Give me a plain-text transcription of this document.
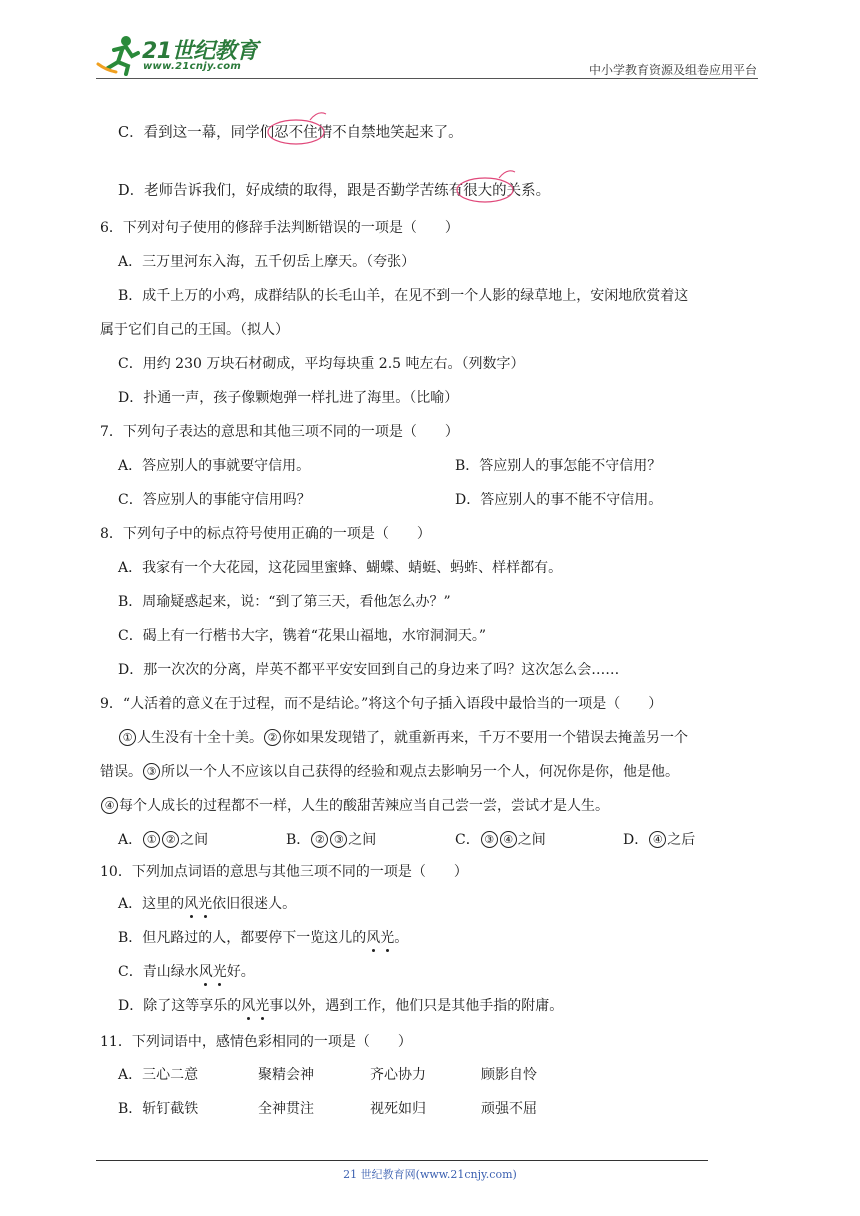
21世纪教育
www.21cnjy.com	中小学教育资源及组卷应用平台
C．看到这一幕，同学们忍不住
情不自禁地笑起来了。
D．老师告诉我们，好成绩的取得，跟是否勤学苦练有很大的
关系。
6．下列对句子使用的修辞手法判断错误的一项是（　　）
A．三万里河东入海，五千仞岳上摩天。（夸张）
B．成千上万的小鸡，成群结队的长毛山羊，在见不到一个人影的绿草地上，安闲地欣赏着这
属于它们自己的王国。（拟人）
C．用约 230 万块石材砌成，平均每块重 2.5 吨左右。（列数字）
D．扑通一声，孩子像颗炮弹一样扎进了海里。（比喻）
7．下列句子表达的意思和其他三项不同的一项是（　　）
A．答应别人的事就要守信用。	B．答应别人的事怎能不守信用？
C．答应别人的事能守信用吗？	D．答应别人的事不能不守信用。
8．下列句子中的标点符号使用正确的一项是（　　）
A．我家有一个大花园，这花园里蜜蜂、蝴蝶、蜻蜓、蚂蚱、样样都有。
B．周瑜疑惑起来，说：“到了第三天，看他怎么办？”
C．碣上有一行楷书大字，镌着“花果山福地，水帘洞洞天。”
D．那一次次的分离，岸英不都平平安安回到自己的身边来了吗？这次怎么会……
9．“人活着的意义在于过程，而不是结论。”将这个句子插入语段中最恰当的一项是（　　）
① 人生没有十全十美。 ② 你如果发现错了，就重新再来，千万不要用一个错误去掩盖另一个
错误。 ③ 所以一个人不应该以自己获得的经验和观点去影响另一个人，何况你是你，他是他。
④ 每个人成长的过程都不一样，人生的酸甜苦辣应当自己尝一尝，尝试才是人生。
A． ① ② 之间	B． ② ③ 之间	C． ③ ④ 之间	D． ④ 之后
10．下列加点词语的意思与其他三项不同的一项是（　　）
A．这里的风光依旧很迷人。
B．但凡路过的人，都要停下一览这儿的风光。
C．青山绿水风光好。
D．除了这等享乐的风光事以外，遇到工作，他们只是其他手指的附庸。
11．下列词语中，感情色彩相同的一项是（　　）
A．三心二意	聚精会神	齐心协力	顾影自怜
B．斩钉截铁	全神贯注	视死如归	顽强不屈
21 世纪教育网(www.21cnjy.com)
